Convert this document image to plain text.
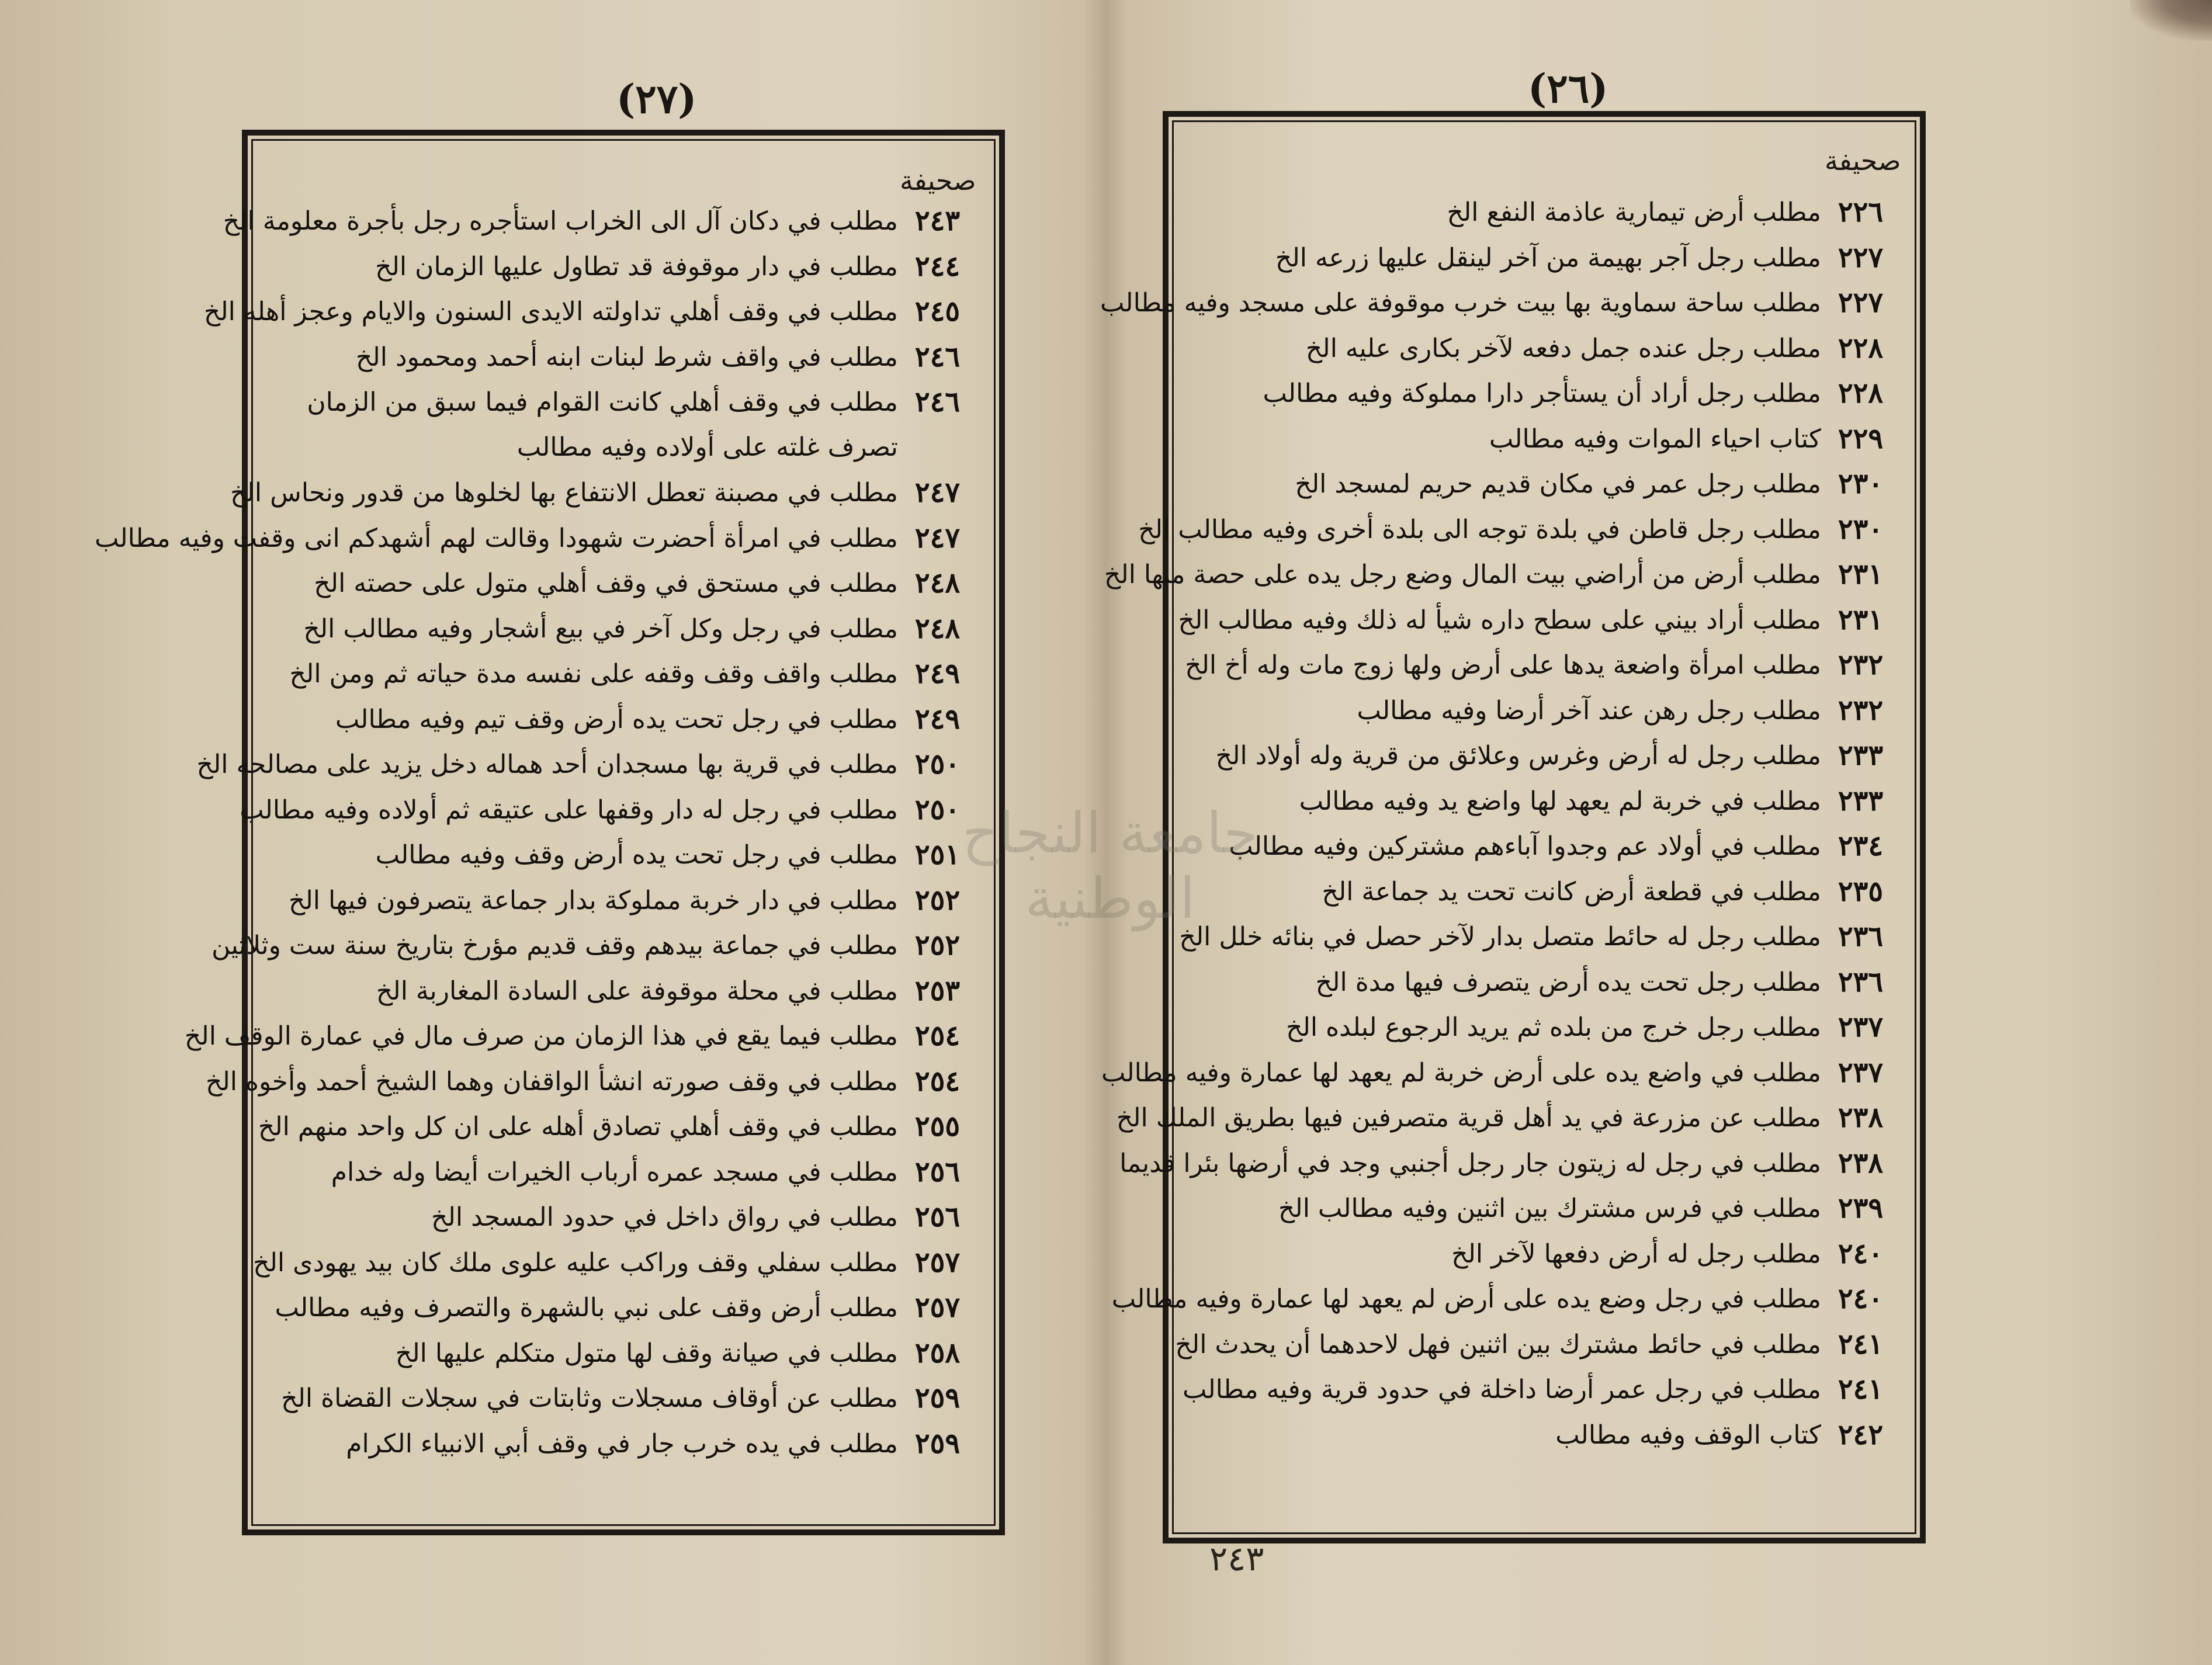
(٢٧)
صحيفة
٢٤٣
مطلب في دكان آل الى الخراب استأجره رجل بأجرة معلومة الخ
٢٤٤
مطلب في دار موقوفة قد تطاول عليها الزمان الخ
٢٤٥
مطلب في وقف أهلي تداولته الايدى السنون والايام وعجز أهله الخ
٢٤٦
مطلب في واقف شرط لبنات ابنه أحمد ومحمود الخ
٢٤٦
مطلب في وقف أهلي كانت القوام فيما سبق من الزمان تصرف غلته على أولاده وفيه مطالب
٢٤٧
مطلب في مصبنة تعطل الانتفاع بها لخلوها من قدور ونحاس الخ
٢٤٧
مطلب في امرأة أحضرت شهودا وقالت لهم أشهدكم انى وقفت وفيه مطالب
٢٤٨
مطلب في مستحق في وقف أهلي متول على حصته الخ
٢٤٨
مطلب في رجل وكل آخر في بيع أشجار وفيه مطالب الخ
٢٤٩
مطلب واقف وقف وقفه على نفسه مدة حياته ثم ومن الخ
٢٤٩
مطلب في رجل تحت يده أرض وقف تيم وفيه مطالب
٢٥٠
مطلب في قرية بها مسجدان أحد هماله دخل يزيد على مصالحه الخ
٢٥٠
مطلب في رجل له دار وقفها على عتيقه ثم أولاده وفيه مطالب
٢٥١
مطلب في رجل تحت يده أرض وقف وفيه مطالب
٢٥٢
مطلب في دار خربة مملوكة بدار جماعة يتصرفون فيها الخ
٢٥٢
مطلب في جماعة بيدهم وقف قديم مؤرخ بتاريخ سنة ست وثلاثين
٢٥٣
مطلب في محلة موقوفة على السادة المغاربة الخ
٢٥٤
مطلب فيما يقع في هذا الزمان من صرف مال في عمارة الوقف الخ
٢٥٤
مطلب في وقف صورته انشأ الواقفان وهما الشيخ أحمد وأخوه الخ
٢٥٥
مطلب في وقف أهلي تصادق أهله على ان كل واحد منهم الخ
٢٥٦
مطلب في مسجد عمره أرباب الخيرات أيضا وله خدام
٢٥٦
مطلب في رواق داخل في حدود المسجد الخ
٢٥٧
مطلب سفلي وقف وراكب عليه علوى ملك كان بيد يهودى الخ
٢٥٧
مطلب أرض وقف على نبي بالشهرة والتصرف وفيه مطالب
٢٥٨
مطلب في صيانة وقف لها متول متكلم عليها الخ
٢٥٩
مطلب عن أوقاف مسجلات وثابتات في سجلات القضاة الخ
٢٥٩
مطلب في يده خرب جار في وقف أبي الانبياء الكرام
(٢٦)
صحيفة
٢٢٦
مطلب أرض تيمارية عاذمة النفع الخ
٢٢٧
مطلب رجل آجر بهيمة من آخر لينقل عليها زرعه الخ
٢٢٧
مطلب ساحة سماوية بها بيت خرب موقوفة على مسجد وفيه مطالب
٢٢٨
مطلب رجل عنده جمل دفعه لآخر بكارى عليه الخ
٢٢٨
مطلب رجل أراد أن يستأجر دارا مملوكة وفيه مطالب
٢٢٩
كتاب احياء الموات وفيه مطالب
٢٣٠
مطلب رجل عمر في مكان قديم حريم لمسجد الخ
٢٣٠
مطلب رجل قاطن في بلدة توجه الى بلدة أخرى وفيه مطالب الخ
٢٣١
مطلب أرض من أراضي بيت المال وضع رجل يده على حصة منها الخ
٢٣١
مطلب أراد بيني على سطح داره شيأ له ذلك وفيه مطالب الخ
٢٣٢
مطلب امرأة واضعة يدها على أرض ولها زوج مات وله أخ الخ
٢٣٢
مطلب رجل رهن عند آخر أرضا وفيه مطالب
٢٣٣
مطلب رجل له أرض وغرس وعلائق من قرية وله أولاد الخ
٢٣٣
مطلب في خربة لم يعهد لها واضع يد وفيه مطالب
٢٣٤
مطلب في أولاد عم وجدوا آباءهم مشتركين وفيه مطالب
٢٣٥
مطلب في قطعة أرض كانت تحت يد جماعة الخ
٢٣٦
مطلب رجل له حائط متصل بدار لآخر حصل في بنائه خلل الخ
٢٣٦
مطلب رجل تحت يده أرض يتصرف فيها مدة الخ
٢٣٧
مطلب رجل خرج من بلده ثم يريد الرجوع لبلده الخ
٢٣٧
مطلب في واضع يده على أرض خربة لم يعهد لها عمارة وفيه مطالب
٢٣٨
مطلب عن مزرعة في يد أهل قرية متصرفين فيها بطريق الملك الخ
٢٣٨
مطلب في رجل له زيتون جار رجل أجنبي وجد في أرضها بئرا قديما
٢٣٩
مطلب في فرس مشترك بين اثنين وفيه مطالب الخ
٢٤٠
مطلب رجل له أرض دفعها لآخر الخ
٢٤٠
مطلب في رجل وضع يده على أرض لم يعهد لها عمارة وفيه مطالب
٢٤١
مطلب في حائط مشترك بين اثنين فهل لاحدهما أن يحدث الخ
٢٤١
مطلب في رجل عمر أرضا داخلة في حدود قرية وفيه مطالب
٢٤٢
كتاب الوقف وفيه مطالب
٢٤٣
جامعة النجاح الوطنية
